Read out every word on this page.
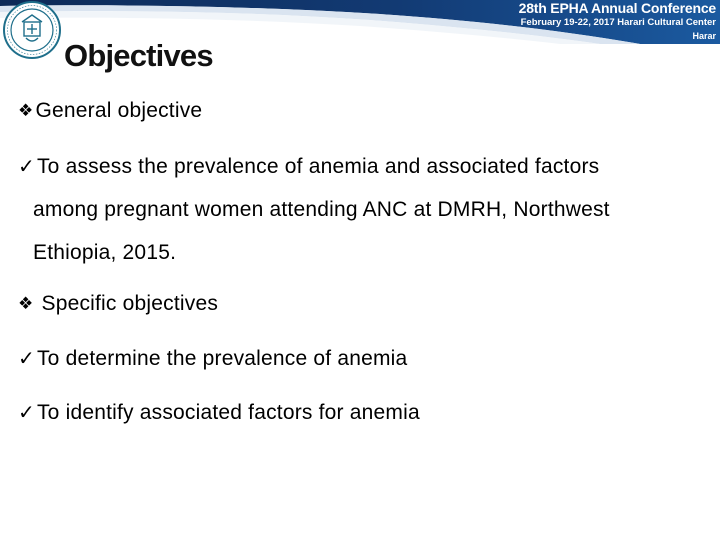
28th EPHA Annual Conference
February 19-22, 2017 Harari Cultural Center
Harar
Objectives
❖General objective
✓To assess the prevalence of anemia and associated factors
among pregnant women attending ANC at DMRH, Northwest
Ethiopia, 2015.
❖ Specific objectives
✓To determine the prevalence of anemia
✓To identify associated factors for anemia
